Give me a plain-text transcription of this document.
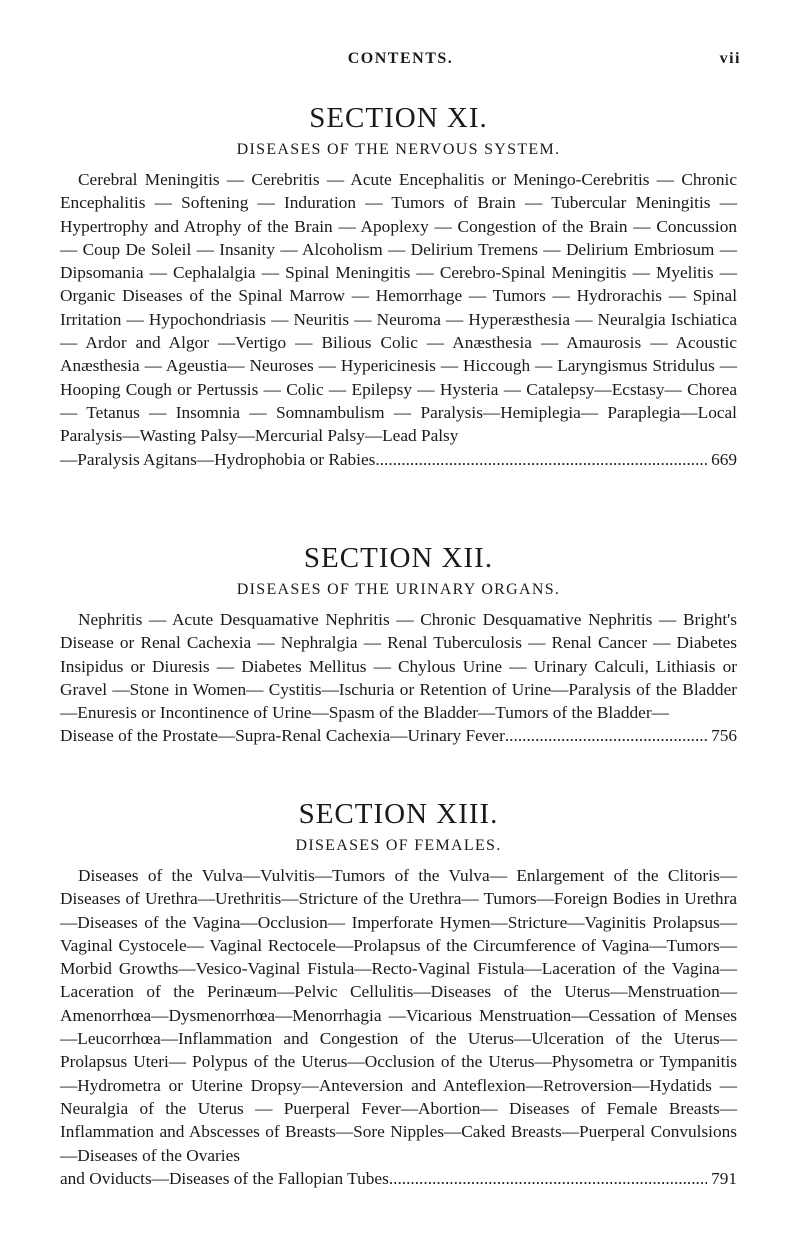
CONTENTS.	vii
SECTION XI.
DISEASES OF THE NERVOUS SYSTEM.

Cerebral Meningitis — Cerebritis — Acute Encephalitis or Meningo-Cerebritis — Chronic Encephalitis — Softening — Induration — Tumors of Brain — Tubercular Meningitis — Hypertrophy and Atrophy of the Brain — Apoplexy — Congestion of the Brain — Concussion — Coup De Soleil — Insanity — Alcoholism — Delirium Tremens — Delirium Embriosum — Dipsomania — Cephalalgia — Spinal Meningitis — Cerebro-Spinal Meningitis — Myelitis — Organic Diseases of the Spinal Marrow — Hemorrhage — Tumors — Hydrorachis — Spinal Irritation — Hypochondriasis — Neuritis — Neuroma — Hyperæsthesia — Neuralgia Ischiatica — Ardor and Algor —Vertigo — Bilious Colic — Anæsthesia — Amaurosis — Acoustic Anæsthesia — Ageustia— Neuroses — Hypericinesis — Hiccough — Laryngismus Stridulus — Hooping Cough or Pertussis — Colic — Epilepsy — Hysteria — Catalepsy—Ecstasy— Chorea — Tetanus — Insomnia — Somnambulism — Paralysis—Hemiplegia— Paraplegia—Local Paralysis—Wasting Palsy—Mercurial Palsy—Lead Palsy

—Paralysis Agitans—Hydrophobia or Rabies .....	669
SECTION XII.
DISEASES OF THE URINARY ORGANS.

Nephritis — Acute Desquamative Nephritis — Chronic Desquamative Nephritis — Bright's Disease or Renal Cachexia — Nephralgia — Renal Tuberculosis — Renal Cancer — Diabetes Insipidus or Diuresis — Diabetes Mellitus — Chylous Urine — Urinary Calculi, Lithiasis or Gravel —Stone in Women— Cystitis—Ischuria or Retention of Urine—Paralysis of the Bladder—Enuresis or Incontinence of Urine—Spasm of the Bladder—Tumors of the Bladder—

Disease of the Prostate—Supra-Renal Cachexia—Urinary Fever .....	756
SECTION XIII.
DISEASES OF FEMALES.

Diseases of the Vulva—Vulvitis—Tumors of the Vulva— Enlargement of the Clitoris—Diseases of Urethra—Urethritis—Stricture of the Urethra— Tumors—Foreign Bodies in Urethra—Diseases of the Vagina—Occlusion— Imperforate Hymen—Stricture—Vaginitis Prolapsus—Vaginal Cystocele— Vaginal Rectocele—Prolapsus of the Circumference of Vagina—Tumors— Morbid Growths—Vesico-Vaginal Fistula—Recto-Vaginal Fistula—Laceration of the Vagina—Laceration of the Perinæum—Pelvic Cellulitis—Diseases of the Uterus—Menstruation—Amenorrhœa—Dysmenorrhœa—Menorrhagia —Vicarious Menstruation—Cessation of Menses—Leucorrhœa—Inflammation and Congestion of the Uterus—Ulceration of the Uterus—Prolapsus Uteri— Polypus of the Uterus—Occlusion of the Uterus—Physometra or Tympanitis —Hydrometra or Uterine Dropsy—Anteversion and Anteflexion—Retroversion—Hydatids — Neuralgia of the Uterus — Puerperal Fever—Abortion— Diseases of Female Breasts—Inflammation and Abscesses of Breasts—Sore Nipples—Caked Breasts—Puerperal Convulsions —Diseases of the Ovaries

and Oviducts—Diseases of the Fallopian Tubes .....	791
